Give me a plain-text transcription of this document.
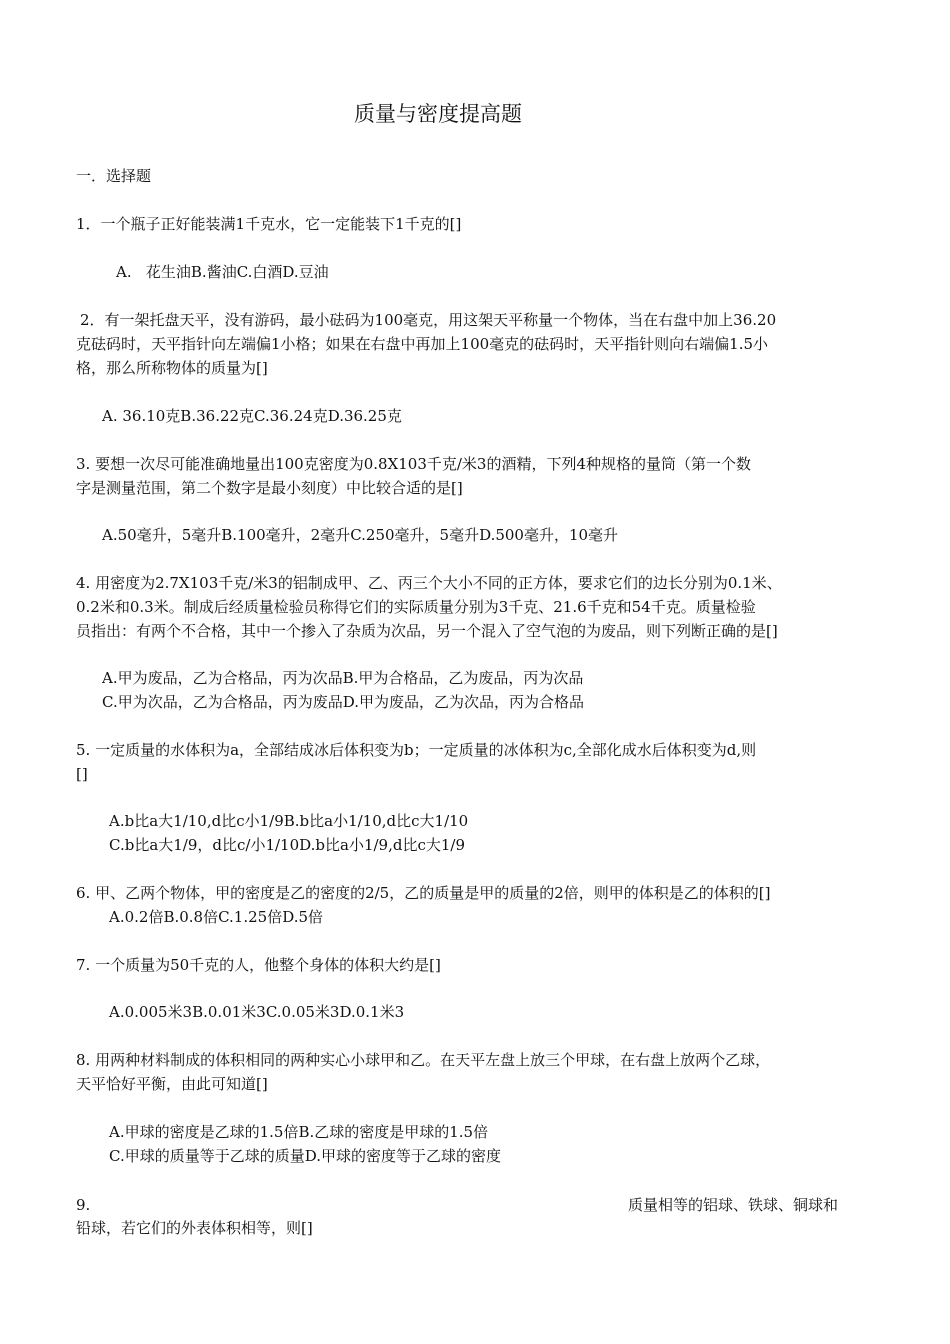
质量与密度提高题
一．选择题
1．一个瓶子正好能装满1千克水，它一定能装下1千克的[]
A.   花生油B.酱油C.白酒D.豆油
2．有一架托盘天平，没有游码，最小砝码为100毫克，用这架天平称量一个物体，当在右盘中加上36.20
克砝码时，天平指针向左端偏1小格；如果在右盘中再加上100毫克的砝码时，天平指针则向右端偏1.5小
格，那么所称物体的质量为[]
A. 36.10克B.36.22克C.36.24克D.36.25克
3. 要想一次尽可能准确地量出100克密度为0.8X103千克/米3的酒精，下列4种规格的量筒（第一个数
字是测量范围，第二个数字是最小刻度）中比较合适的是[]
A.50毫升，5毫升B.100毫升，2毫升C.250毫升，5毫升D.500毫升，10毫升
4. 用密度为2.7X103千克/米3的铝制成甲、乙、丙三个大小不同的正方体，要求它们的边长分别为0.1米、
0.2米和0.3米。制成后经质量检验员称得它们的实际质量分别为3千克、21.6千克和54千克。质量检验
员指出：有两个不合格，其中一个掺入了杂质为次品，另一个混入了空气泡的为废品，则下列断正确的是[]
A.甲为废品，乙为合格品，丙为次品B.甲为合格品，乙为废品，丙为次品
C.甲为次品，乙为合格品，丙为废品D.甲为废品，乙为次品，丙为合格品
5. 一定质量的水体积为a，全部结成冰后体积变为b；一定质量的冰体积为c,全部化成水后体积变为d,则
[]
A.b比a大1/10,d比c小1/9B.b比a小1/10,d比c大1/10
C.b比a大1/9，d比c/小1/10D.b比a小1/9,d比c大1/9
6. 甲、乙两个物体，甲的密度是乙的密度的2/5，乙的质量是甲的质量的2倍，则甲的体积是乙的体积的[]
A.0.2倍B.0.8倍C.1.25倍D.5倍
7. 一个质量为50千克的人，他整个身体的体积大约是[]
A.0.005米3B.0.01米3C.0.05米3D.0.1米3
8. 用两种材料制成的体积相同的两种实心小球甲和乙。在天平左盘上放三个甲球，在右盘上放两个乙球，
天平恰好平衡，由此可知道[]
A.甲球的密度是乙球的1.5倍B.乙球的密度是甲球的1.5倍
C.甲球的质量等于乙球的质量D.甲球的密度等于乙球的密度
9.	质量相等的铝球、铁球、铜球和
铅球，若它们的外表体积相等，则[]
